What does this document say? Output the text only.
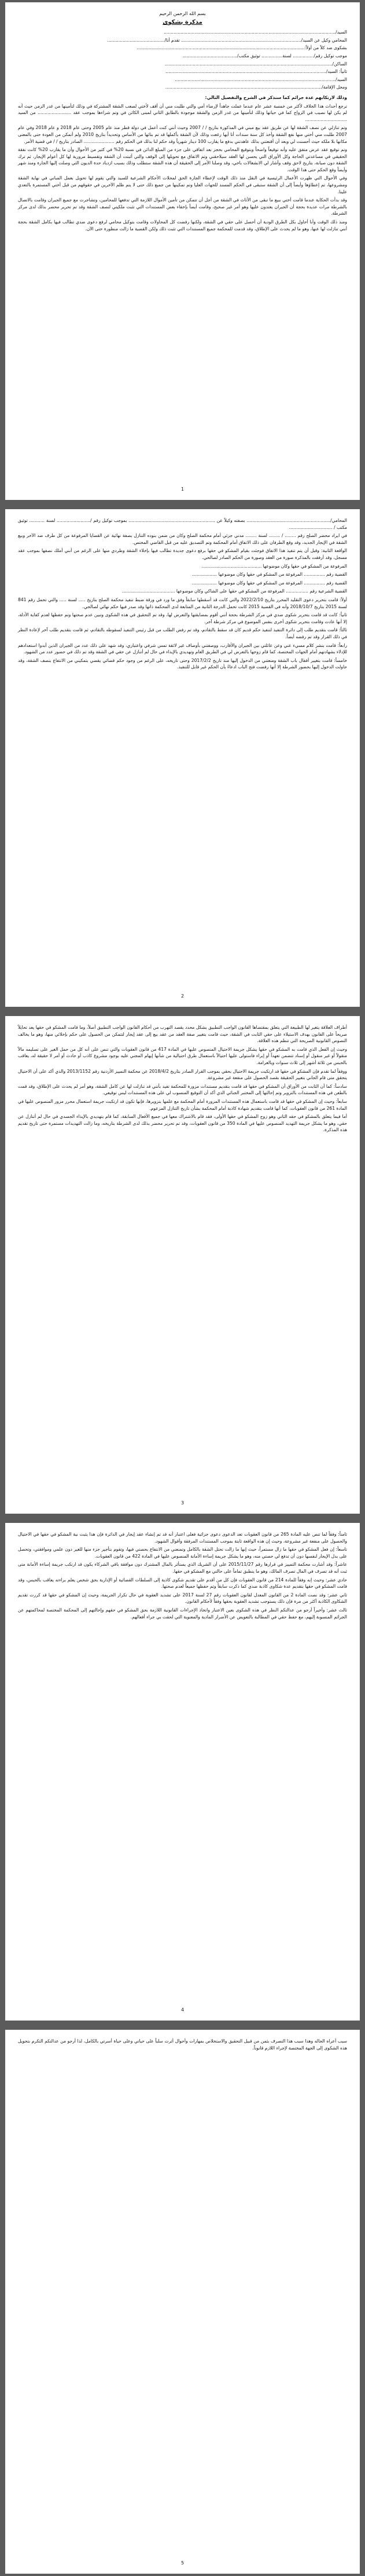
بسم الله الرحمن الرحيم
مذكرة بشكوى
السيد/...........................................................................................................................
المحامي وكيل عن السيد/...................................................................................... تقدم أنا/.........................................
بشكوى ضد كلاً من أولاً:........................................................................................................................
موجب توكيل رقم/............... لسنة............... توثيق مكتب/.......................................
الساكن/........................................................................................................................
ثانياً: السيد/...................................................................................................................
السيد/...................................................................................................................
ومحل الإقامة/................................................................................................................
وذلك لارتكابهم عدة جرائم كما سنذكر في الشرح والتفصيل التالي:
ترجع أحداث هذا الخلاف لأكثر من خمسة عشر عام عندما عملت جاهداً لإرضاء أمي والتي طلبت مني أن أقف لأختي لصعب الشقة المشتركة في وذلك لتأمينها من غدر الزمن حيث أنه لم يكن لها نصيب في الزواج كما في حياتها وذلك لتأمينها من غدر الزمن والشقة موجودة بالطابق الثاني لمبنى الكائن في وتم شراءها بموجب عقد ........................ من السيد ..............................
وتم تنازلي عن نصف الشقة لها عن طريق عقد بيع مبني في المذكورة بتاريخ / / 2007 وحيث أنني كنت أعمل في دولة قطر منذ عام 2005 وحتى عام 2018 و عام 2018 وفي عام 2007 طلبت مني أختي منها نفع الشقة وأخذ كل سنة سندات أنا أيها رغعت وذلك لأن الشقة بأكملها قد تم بنائها من الأساس وتحديداً بتاريخ 2010 ولم أتمكن من العودة حتى بالمعنى مكانها بلا ملكه حيث أحسنت لي وبعد أن أقنعتني بذلك عاهدتني بدفع ما يقارب 100 دينار شهرياً وقد حكم لنا بذلك في الحكم رقم ...................... الصادر بتاريخ / / في قضية الأمر.
وتم توقيع عقد عرض متفق عليه وأنه توقيعاً واضحاً وبتوقيع المحامي بحجز بعد اتفاقي على جزء من المبلغ الدائن في نسبة 20% في كثير من الأحوال وأن ما يقارب 20% كانت نفقة الحقيقي في مساعدتي الحاجة وكل الأوراق التي يحسن لها العقد سيلاحقني وتم الاتفاق مع تحويلها إلى الوقف والتي أثبتت أن الشقة وتقسيط مرورية لها كل أعوام الإيجار، ثم ترك الشقة دون صيانة، بتاريخ لاحق وقف وأشار لي الانشغالات باخي، وقد وصلنا الأمر إلى الحقيقة أن هذه الشقة ستطلب وذلك بسبب ازدياد حدة الديون التي وصلت إليها الجارة ومنذ شهر وأيضاً وقع الحكم حتى هذا الوقت.
وفي الأحوال التي ظهرت الأعمال الرئيسية في النقل منذ ذلك الوقت لإعطاء الجارة الحق لمحلات الأحكام الشرعية للسيد والتي يقوم لها تحويل بعمل المباني في نهاية الشقة ومشروعها، تم إعطاؤها وأيضاً إلى أن الشقة ستبقى في الحكم المسند للجهات العليا وتم تمكينها من جميع ذلك حتى لا يتم ظلم الآخرين في حقوقهم من قبل أختي المستمرة بالتعدي علينا.
وقد بدأت الحكاية عندما قامت أختي ببيع ما تبقى من الأثاث في الشقة من أجل أن تتمكن من تأمين الأموال اللازمة التي تدفعها للمحامين، وتشاجرت مع جميع الجيران وقامت بالاتصال بالشرطة مرات عديدة بحجة أن الجيران يعتدون عليها وهو أمر غير صحيح، وقامت أيضاً بإخفاء بعض المستندات التي تثبت ملكيتي لنصف الشقة وقد تم تحرير محضر بذلك لدى مركز الشرطة.
ومنذ ذلك الوقت وأنا أحاول بكل الطرق الودية أن أحصل على حقي في الشقة، ولكنها رفضت كل المحاولات وقامت بتوكيل محامي لرفع دعوى ضدي تطالب فيها بكامل الشقة بحجة أنني تنازلت لها عنها، وهو ما لم يحدث على الإطلاق، وقد قدمت للمحكمة جميع المستندات التي تثبت ذلك ولكن القضية ما زالت منظورة حتى الآن.
1
المحامي/............................................................ بصفته وكيلاً عن .............................................................. بموجب توكيل رقم /........................ لسنة ........... توثيق مكتب / ...............................
في ايراد محضر الصلح رقم ........ / ........ لسنة ........ مدني جزئي أمام محكمة الصلح وكان من ضمن بنوده التنازل بصفة نهائية عن القضايا المرفوعة من كل طرف ضد الآخر وبيع الشقة في الإيجار الجديد، وقد وقع الطرفان على ذلك الاتفاق أمام المحكمة وتم التصديق عليه من قبل القاضي المختص.
الواقعة الثانية: وقبل أن يتم تنفيذ هذا الاتفاق فوجئت بقيام المشكو في حقها برفع دعوى جديدة تطالب فيها بإخلاء الشقة وطردي منها على الرغم من أنني أملك نصفها بموجب عقد مسجل، وقد أرفقت بالمذكرة صورة من العقد وصورة من الحكم الصادر لصالحي.
المرفوعة من المشكو في حقها وكان موضوعها ...........................................
القضية رقم ............... المرفوعة من المشكو في حقها وكان موضوعها ..................
القضية رقم ............... المرفوعة من المشكو في حقها وكان موضوعها ..................
القضية الشرعية رقم ................ المرفوعة من المشكو في حقها على الشاكي وكان موضوعها ......................................
أولاً: قامت بتحرير دعوى التقليد المحرر بتاريخ 2022/2/10 والتي كانت قد أسقطها سابقاً وفق ما ورد في ورقة ضبط تنفيذ محكمة الصلح بتاريخ ..... لسنة ..... والتي تحمل رقم 841 لسنة 2015 بتاريخ 2018/10/7 وأنه في القضية 2015 كانت تحمل الدرجة الثانية من المتابعة لدى المحكمة ذاتها وقد صدر فيها حكم نهائي لصالحي.
ثانياً: كانت قد قامت بتحرير شكوى ضدي في مركز الشرطة بحجة أنني أقوم بمضايقتها والتعرض لها، وقد تم التحقيق في هذه الشكوى وتبين عدم صحتها وتم حفظها لعدم كفاية الأدلة، إلا أنها عادت وقامت بتحرير شكوى أخرى بنفس الموضوع في مركز شرطة آخر.
ثالثاً: قامت بتقديم طلب إلى دائرة التنفيذ لتنفيذ حكم قديم كان قد سقط بالتقادم، وقد تم رفض الطلب من قبل رئيس التنفيذ لسقوطه بالتقادم، ثم قامت بتقديم طلب آخر لإعادة النظر في ذلك القرار وقد تم رفضه أيضاً.
رابعاً: قامت بنشر كلام مسيء عني وعن عائلتي بين الجيران والأقارب، ووصفتني بأوصاف غير لائقة تمس شرفي واعتباري، وقد شهد على ذلك عدد من الجيران الذين أبدوا استعدادهم للإدلاء بشهادتهم أمام الجهات المختصة، كما قام زوجها بالتعرض لي في الطريق العام وتهديدي بالإيذاء في حال لم أتنازل عن حقي في الشقة وقد تم ذلك في حضور عدد من الشهود.
خامساً: قامت بتغيير أقفال باب الشقة ومنعتني من الدخول إليها منذ تاريخ 2017/2/2 وحتى تاريخه، على الرغم من وجود حكم قضائي يقضي بتمكيني من الانتفاع بنصف الشقة، وقد حاولت الدخول إليها بحضور الشرطة إلا أنها رفضت فتح الباب ادعاءً بأن الحكم غير قابل للتنفيذ.
2
أطراف العلاقة يتغير لها الطبيعة التي يتعلق بمقتضاها القانون الواجب التطبيق بشكل محدد يقصد التهرب من أحكام القانون الواجب التطبيق أصلاً، وما قامت المشكو في حقها يعد تحايلاً صريحاً على القانون بهدف الاستيلاء على حقي الثابت في الشقة، حيث قامت بتغيير صفة العقد من عقد بيع إلى عقد إيجار لتتمكن من الحصول على حكم بإخلائي منها، وهو ما يخالف النصوص القانونية الصريحة التي تنظم هذه العلاقة.
وحيث إن الفعل الذي قامت به المشكو في حقها يشكل جريمة الاحتيال المنصوص عليها في المادة 417 من قانون العقوبات والتي تنص على أنه كل من حمل الغير على تسليمه مالاً منقولاً أو غير منقول أو إسناد تتضمن تعهداً أو إبراء فاستولى عليها احتيالاً باستعمال طرق احتيالية من شأنها إيهام المجني عليه بوجود مشروع كاذب أو حادث أو أمر لا حقيقة له، يعاقب بالحبس من ثلاثة أشهر إلى ثلاث سنوات وبالغرامة.
ووفقاً لما تقدم فإن المشكو في حقها قد ارتكبت جريمة الاحتيال بحقي بموجب القرار الصادر بتاريخ 2018/4/2 عن محكمة التمييز الأردنية رقم 2013/1152 والذي أكد على أن الاحتيال يتحقق متى قام الجاني بتغيير الحقيقة بقصد الحصول على منفعة غير مشروعة.
سادساً: كما أن الثابت من الأوراق أن المشكو في حقها قد قامت بتقديم مستندات مزورة للمحكمة تفيد بأنني قد تنازلت لها عن كامل الشقة، وهو أمر لم يحدث على الإطلاق، وقد قمت بالطعن في هذه المستندات بالتزوير وتم إحالتها إلى المختبر الجنائي الذي أكد أن التوقيع المنسوب لي على هذه المستندات ليس توقيعي.
سابعاً: وحيث إن المشكو في حقها قد قامت باستعمال هذه المستندات المزورة أمام المحكمة مع علمها بتزويرها، فإنها تكون قد ارتكبت جريمة استعمال محرر مزور المنصوص عليها في المادة 261 من قانون العقوبات، كما أنها قامت بتقديم شهادة كاذبة أمام المحكمة بشأن تاريخ التنازل المزعوم.
أما فيما يتعلق بالمشكو في حقه الثاني وهو زوج المشكو في حقها الأولى، فقد قام بالاشتراك معها في جميع الأفعال السابقة، كما قام بتهديدي بالإيذاء الجسدي في حال لم أتنازل عن حقي، وهو ما يشكل جريمة التهديد المنصوص عليها في المادة 350 من قانون العقوبات، وقد تم تحرير محضر بذلك لدى الشرطة بتاريخه، وما زالت التهديدات مستمرة حتى تاريخ تقديم هذه المذكرة.
3
ثامناً: وفقاً لما تنص عليه المادة 265 من قانون العقوبات تعد الدعوى دعوى جزائية فعلى اعتبار أنه قد تم إنشاء عقد إيجار في الدائرة فإن هذا يثبت نية المشكو في حقها في الاحتيال والحصول على منفعة غير مشروعة، وحيث إن هذه الواقعة ثابتة بموجب المستندات المرفقة وأقوال الشهود.
تاسعاً: إن فعل المشكو في حقها ما زال مستمراً، حيث إنها ما زالت تحتل الشقة بالكامل وتمنعني من الانتفاع بحصتي فيها، وتقوم بتأجير جزء منها للغير دون علمي وموافقتي، وتحصل على بدل الإيجار لنفسها دون أن تدفع لي حصتي منه، وهو ما يشكل جريمة إساءة الأمانة المنصوص عليها في المادة 422 من قانون العقوبات.
عاشراً: وقد أشارت محكمة التمييز في قرارها رقم 2015/11/27 على أن الشريك الذي يستأثر بالمال المشترك دون موافقة باقي الشركاء يكون قد ارتكب جريمة إساءة الأمانة متى ثبت أنه قد تصرف في المال تصرف المالك، وهو ما ينطبق تماماً على حالتي مع المشكو في حقها.
حادي عشر: وحيث إنه وفقاً للمادة 214 من قانون العقوبات فإن كل من أقدم على تقديم شكوى كاذبة إلى السلطات القضائية أو الإدارية بحق شخص يعلم براءته يعاقب بالحبس، وقد قامت المشكو في حقها بتقديم عدة شكاوى كاذبة ضدي كما ذكرت سابقاً وتم حفظها جميعاً لعدم صحتها.
ثاني عشر: وقد نصت المادة 2 من القانون المعدل لقانون العقوبات رقم 27 لسنة 2017 على تشديد العقوبة في حال تكرار الجريمة، وحيث إن المشكو في حقها قد كررت تقديم الشكاوى الكاذبة أكثر من مرة فإن ذلك يستوجب تشديد العقوبة بحقها وفقاً لأحكام القانون.
ثالث عشر: وأخيراً أرجو من عدالتكم النظر في هذه الشكوى بعين الاعتبار واتخاذ الإجراءات القانونية اللازمة بحق المشكو في حقهم وإحالتهم إلى المحكمة المختصة لمحاكمتهم عن الجرائم المنسوبة إليهم، مع حفظ حقي في المطالبة بالتعويض عن الأضرار المادية والمعنوية التي لحقت بي جراء أفعالهم.
4
سبب أعراه الحاله وهذا سبب هذا التصرف بثمن من قبيل التحقيق والاستخلاص بمهارات وأحوال أثرت سلباً على حياتي وعلى حياة أسرتي بالكامل، لذا أرجو من عدالتكم التكرم بتحويل هذه الشكوى إلى الجهة المختصة لإجراء اللازم قانوناً.
5
